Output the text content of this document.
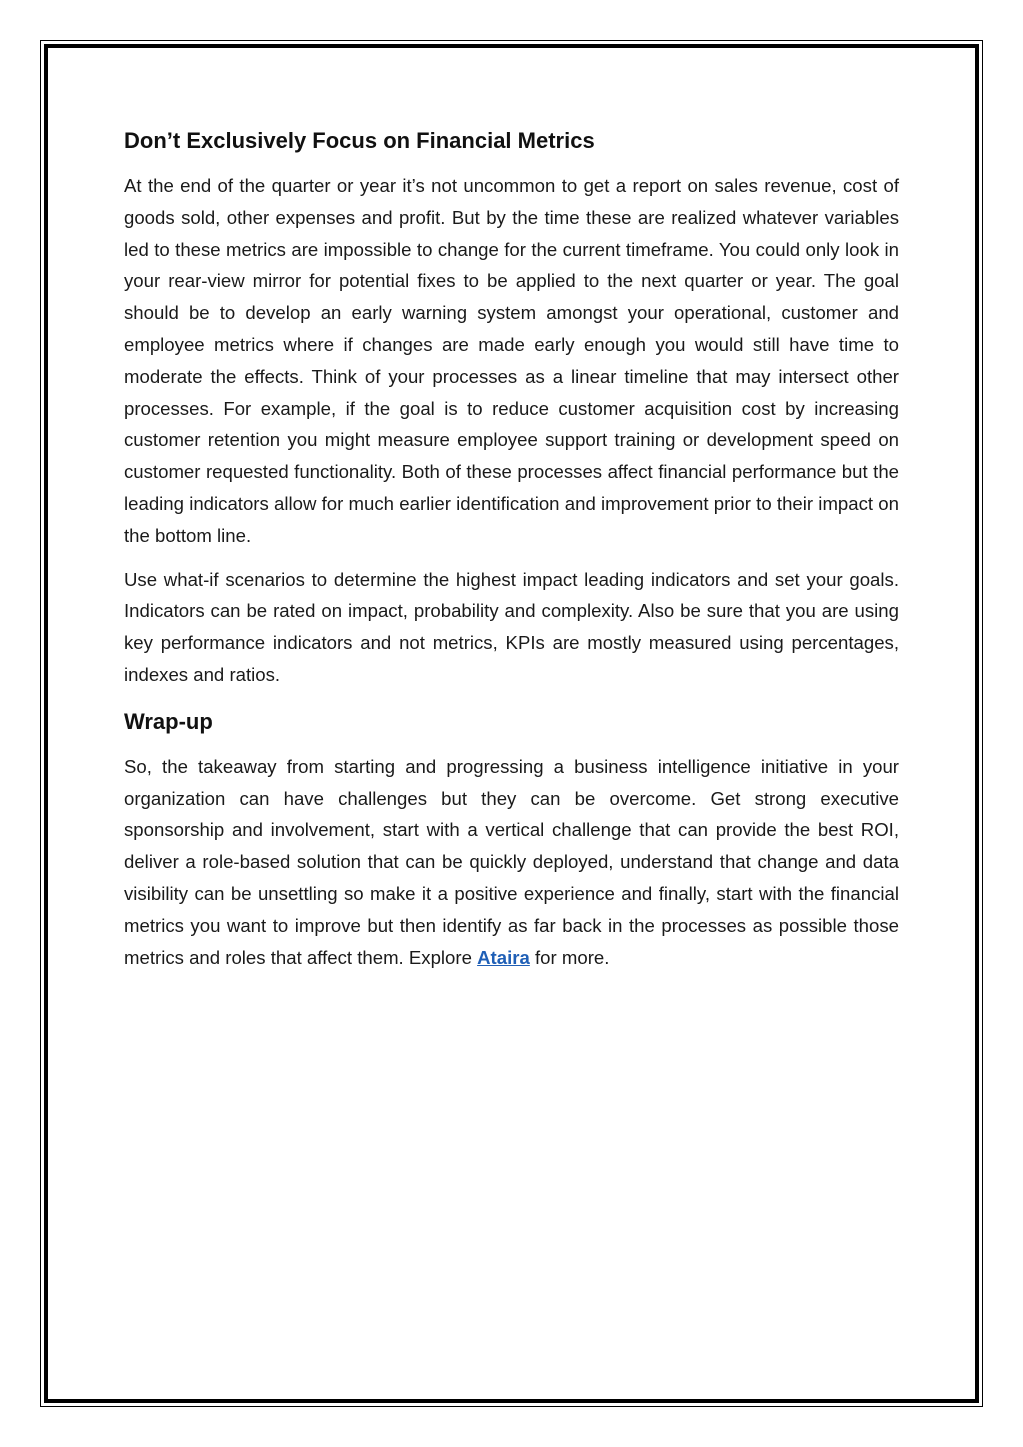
Don’t Exclusively Focus on Financial Metrics

At the end of the quarter or year it’s not uncommon to get a report on sales revenue, cost of goods sold, other expenses and profit. But by the time these are realized whatever variables led to these metrics are impossible to change for the current timeframe. You could only look in your rear-view mirror for potential fixes to be applied to the next quarter or year. The goal should be to develop an early warning system amongst your operational, customer and employee metrics where if changes are made early enough you would still have time to moderate the effects. Think of your processes as a linear timeline that may intersect other processes. For example, if the goal is to reduce customer acquisition cost by increasing customer retention you might measure employee support training or development speed on customer requested functionality. Both of these processes affect financial performance but the leading indicators allow for much earlier identification and improvement prior to their impact on the bottom line.

Use what-if scenarios to determine the highest impact leading indicators and set your goals. Indicators can be rated on impact, probability and complexity. Also be sure that you are using key performance indicators and not metrics, KPIs are mostly measured using percentages, indexes and ratios.

Wrap-up

So, the takeaway from starting and progressing a business intelligence initiative in your organization can have challenges but they can be overcome. Get strong executive sponsorship and involvement, start with a vertical challenge that can provide the best ROI, deliver a role-based solution that can be quickly deployed, understand that change and data visibility can be unsettling so make it a positive experience and finally, start with the financial metrics you want to improve but then identify as far back in the processes as possible those metrics and roles that affect them. Explore Ataira for more.
